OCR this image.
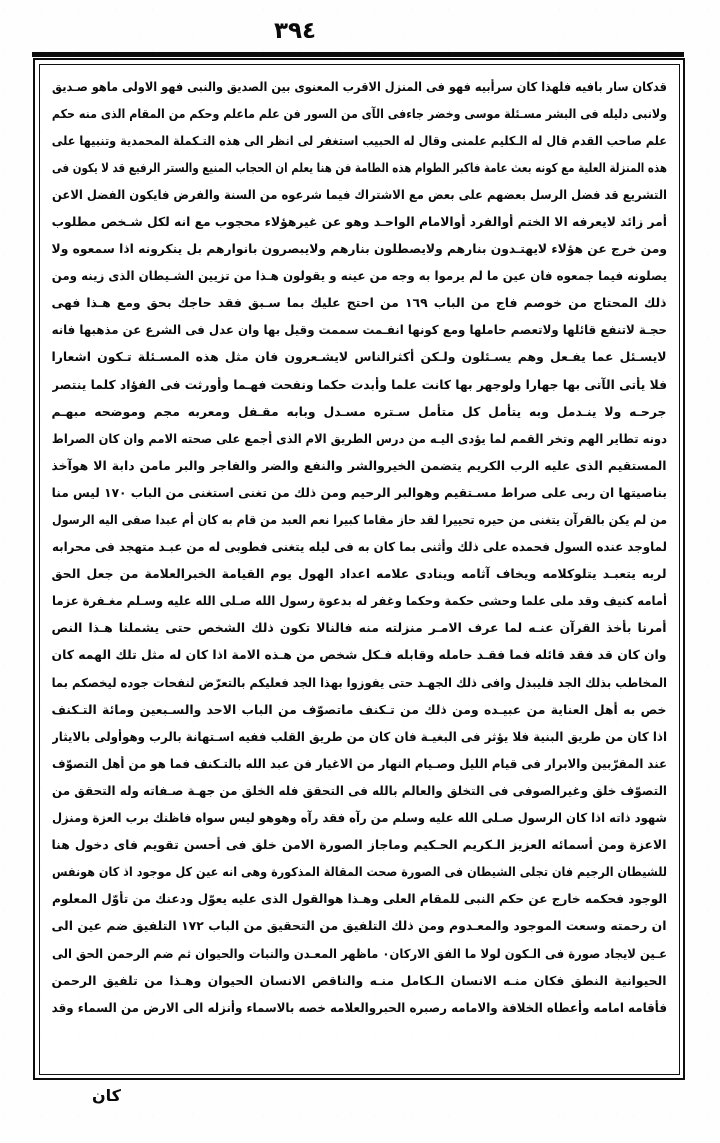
٣٩٤
قدكان سار بافيه فلهذا كان سرأبيه فهو فى المنزل الاقرب المعنوى بين الصديق والنبى فهو الاولى ماهو صـديق
ولانبى دليله فى البشر مسـئلة موسى وخضر جاءفى الآى من السور فن علم ماعلم وحكم من المقام الذى منه حكم
علم صاحب القدم قال له الـكليم علمنى وقال له الحبيب استغفر لى انظر الى هذه التـكملة المحمدية وتنبيها على
هذه المنزلة العلية مع كونه بعث عامة فاكبر الطوام هذه الطامة فن هنا يعلم ان الحجاب المنيع والستر الرفيع قد لا يكون فى
التشريع قد فضل الرسل بعضهم على بعض مع الاشتراك فيما شرعوه من السنة والفرض فايكون الفضل الاعن
أمر زائد لايعرفه الا الختم أوالفرد أوالامام الواحـد وهو عن غيرهؤلاء محجوب مع انه لكل شـخص مطلوب
ومن خرج عن هؤلاء لايهتـدون بنارهم ولايصطلون بنارهم ولايبصرون بانوارهم بل ينكرونه اذا سمعوه ولا
يصلونه فيما جمعوه فان عين ما لم يرموا به وجه من عينه و يقولون هـذا من تزيين الشـيطان الذى زينه ومن
ذلك المحتاج من خوصم فاج من الباب ١٦٩ من احتج عليك بما سـبق فقد حاجك بحق ومع هـذا فهى
حجـة لاتنفع قائلها ولاتعصم حاملها ومع كونها انفـمت سممت وقيل بها وان عدل فى الشرع عن مذهبها فانه
لايسـئل عما يفـعل وهم يسـئلون ولـكن أكثرالناس لايشـعرون فان مثل هذه المسـئلة تـكون اشعارا
فلا يأتى الآتى بها جهارا ولوجهر بها كانت علما وأبدت حكما ونفحت فهـما وأورثت فى الفؤاد كلما ينتصر
جرحـه ولا ينـدمل وبه يتأمل كل متأمل سـتره مسـدل وبابه مقـفل ومعربه مجم وموضحه مبهـم
دونه تطاير الهم وتخر القمم لما يؤدى اليـه من درس الطريق الام الذى أجمع على صحته الامم وان كان الصراط
المستقيم الذى عليه الرب الكريم يتضمن الخيروالشر والنفع والضر والفاجر والبر مامن دابة الا هوآخذ
بناصيتها ان ربى على صراط مسـتقيم وهوالبر الرحيم ومن ذلك من تغنى استغنى من الباب ١٧٠ ليس منا
من لم يكن بالقرآن يتغنى من حيره تحييرا لقد حاز مقاما كبيرا نعم العبد من قام به كان أم عبدا صفى اليه الرسول
لماوجد عنده السول فحمده على ذلك وأثنى بما كان به فى ليله يتغنى فطوبى له من عبـد متهجد فى محرابه
لربه يتعبـد يتلوكلامه ويخاف آثامه وينادى علامه اعداد الهول يوم القيامة الخبرالعلامة من جعل الحق
أمامه كنيف وقد ملى علما وحشى حكمة وحكما وغفر له بدعوة رسول الله صـلى الله عليه وسـلم مغـفرة عزما
أمرنا بأخذ القرآن عنـه لما عرف الامـر منزلته منه فالنالا تكون ذلك الشخص حتى يشملنا هـذا النص
وان كان قد فقد قائله فما فقـد حامله وقابله فـكل شخص من هـذه الامة اذا كان له مثل تلك الهمه كان
المخاطب بذلك الجد فليبذل وافى ذلك الجهـد حتى يفوزوا بهذا الجد فعليكم بالتعرّض لنفحات جوده ليخصكم بما
خص به أهل العناية من عبيـده ومن ذلك من تـكنف ماتصوّف من الباب الاحد والسـبعين ومائة التـكنف
اذا كان من طريق البنية فلا يؤثر فى البغيـة فان كان من طريق القلب ففيه اسـتهانة بالرب وهوأولى بالايثار
عند المقرّبين والابرار فى قيام الليل وصـيام النهار من الاغيار فن عبد الله بالتـكنف فما هو من أهل التصوّف
التصوّف خلق وغيرالصوفى فى التخلق والعالم بالله فى التحقق فله الخلق من جهـة صـفاته وله التحقق من
شهود ذاته اذا كان الرسول صـلى الله عليه وسلم من رآه فقد رآه وهوهو ليس سواه فاظنك برب العزة ومنزل
الاعزة ومن أسمائه العزيز الـكريم الحـكيم وماجاز الصورة الامن خلق فى أحسن تقويم فاى دخول هنا
للشيطان الرجيم فان تجلى الشيطان فى الصورة صحت المقالة المذكورة وهى انه عين كل موجود اذ كان هونفس
الوجود فحكمه خارج عن حكم النبى للمقام العلى وهـذا هوالقول الذى عليه يعوّل ودعنك من تأوّل المعلوم
ان رحمته وسعت الموجود والمعـدوم ومن ذلك التلفيق من التحقيق من الباب ١٧٢ التلفيق ضم عين الى
عـين لايجاد صورة فى الـكون لولا ما الفق الاركان٠ ماظهر المعـدن والنبات والحيوان ثم ضم الرحمن الحق الى
الحيوانية النطق فكان منـه الانسان الـكامل منـه والناقص الانسان الحيوان وهـذا من تلفيق الرحمن
فأقامه امامه وأعطاه الخلافة والامامه رصبره الحبروالعلامه خصه بالاسماء وأنزله الى الارض من السماء وقد
كان
